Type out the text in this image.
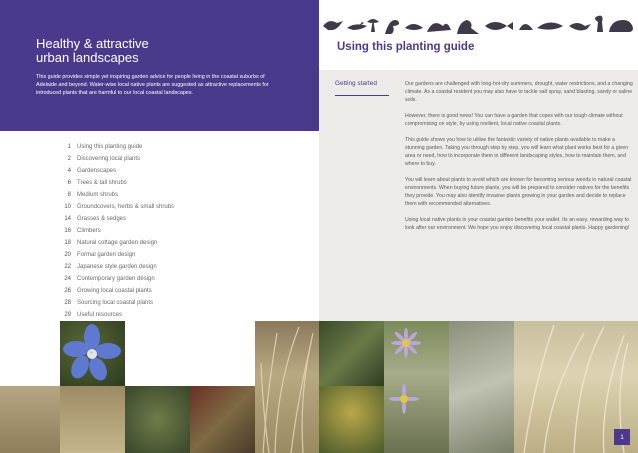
Healthy & attractive
urban landscapes

This guide provides simple yet inspiring garden advice for people living in the coastal suburbs of Adelaide and beyond. Water-wise local native plants are suggested as attractive replacements for introduced plants that are harmful to our local coastal landscapes.

1	Using this planting guide
2	Discovering local plants
4	Gardenscapes
6	Trees & tall shrubs
8	Medium shrubs
10	Groundcovers, herbs & small shrubs
14	Grasses & sedges
16	Climbers
18	Natural cottage garden design
20	Formal garden design
22	Japanese style garden design
24	Contemporary garden design
26	Growing local coastal plants
28	Sourcing local coastal plants
29	Useful resources
Using this planting guide
Getting started	Our gardens are challenged with long-hot-dry summers, drought, water restrictions, and a changing climate. As a coastal resident you may also have to tackle salt spray, sand blasting, sandy or saline soils.

However, there is good news! You can have a garden that copes with our tough climate without compromising on style, by using resilient, local native coastal plants.

This guide shows you how to utilise the fantastic variety of native plants available to make a stunning garden. Taking you through step by step, you will learn what plant works best for a given area or need, how to incorporate them in different landscaping styles, how to maintain them, and where to buy.

You will learn about plants to avoid which are known for becoming serious weeds in natural coastal environments. When buying future plants, you will be prepared to consider natives for the benefits they provide. You may also identify invasive plants growing in your garden and decide to replace them with recommended alternatives.

Using local native plants in your coastal garden benefits your wallet. Its an easy, rewarding way to look after our environment. We hope you enjoy discovering local coastal plants. Happy gardening!

1
